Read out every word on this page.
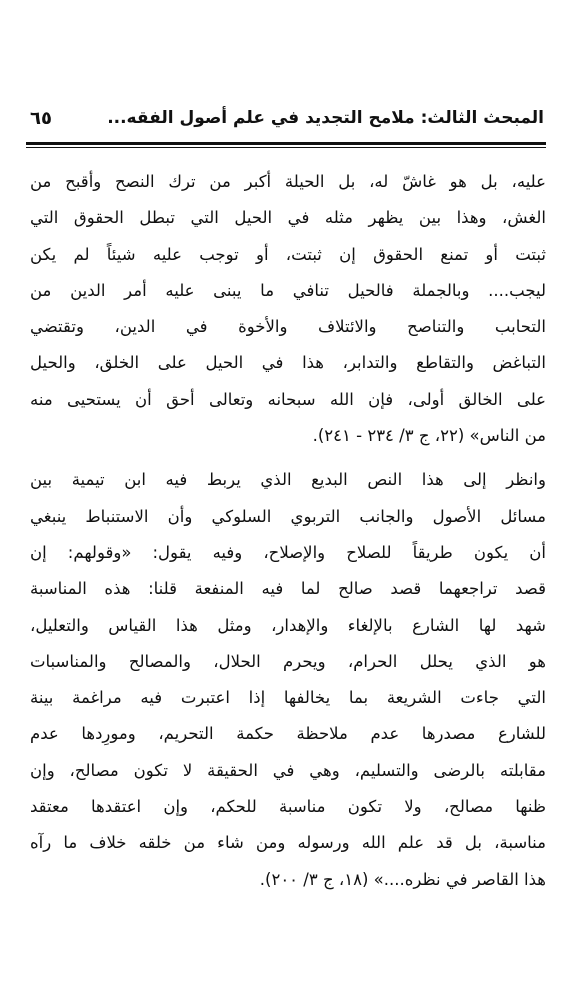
المبحث الثالث: ملامح التجديد في علم أصول الفقه...
٦٥
عليه، بل هو غاشّ له، بل الحيلة أكبر من ترك النصح وأقبح من
الغش، وهذا بين يظهر مثله في الحيل التي تبطل الحقوق التي
ثبتت أو تمنع الحقوق إن ثبتت، أو توجب عليه شيئاً لم يكن
ليجب.... وبالجملة فالحيل تنافي ما يبنى عليه أمر الدين من
التحابب والتناصح والائتلاف والأخوة في الدين، وتقتضي
التباغض والتقاطع والتدابر، هذا في الحيل على الخلق، والحيل
على الخالق أولى، فإن الله سبحانه وتعالى أحق أن يستحيى منه
من الناس» (٢٢، ج ٣/ ٢٣٤ - ٢٤١).
وانظر إلى هذا النص البديع الذي يربط فيه ابن تيمية بين
مسائل الأصول والجانب التربوي السلوكي وأن الاستنباط ينبغي
أن يكون طريقاً للصلاح والإصلاح، وفيه يقول: «وقولهم: إن
قصد تراجعهما قصد صالح لما فيه المنفعة قلنا: هذه المناسبة
شهد لها الشارع بالإلغاء والإهدار، ومثل هذا القياس والتعليل،
هو الذي يحلل الحرام، ويحرم الحلال، والمصالح والمناسبات
التي جاءت الشريعة بما يخالفها إذا اعتبرت فيه مراغمة بينة
للشارع مصدرها عدم ملاحظة حكمة التحريم، ومورِدها عدم
مقابلته بالرضى والتسليم، وهي في الحقيقة لا تكون مصالح، وإن
ظنها مصالح، ولا تكون مناسبة للحكم، وإن اعتقدها معتقد
مناسبة، بل قد علم الله ورسوله ومن شاء من خلقه خلاف ما رآه
هذا القاصر في نظره....» (١٨، ج ٣/ ٢٠٠).
